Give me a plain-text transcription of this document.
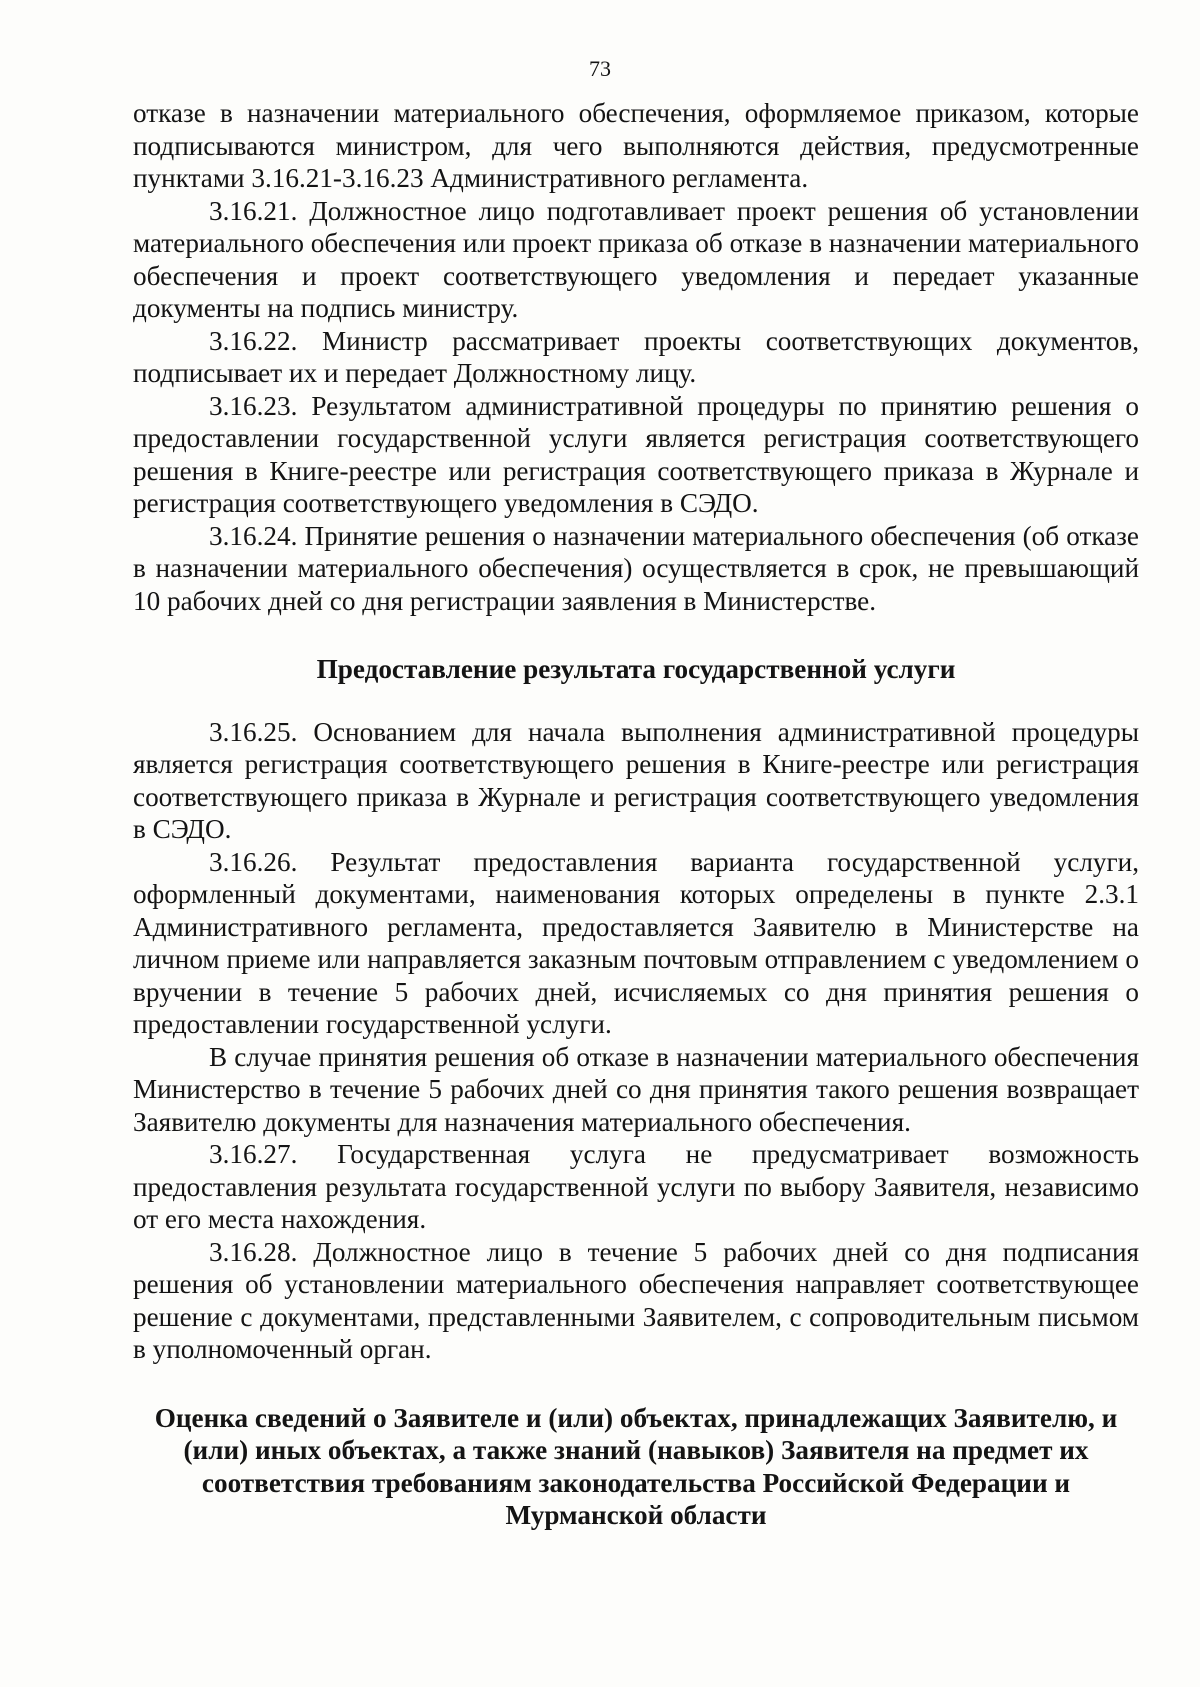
73

отказе в назначении материального обеспечения, оформляемое приказом, которые подписываются министром, для чего выполняются действия, предусмотренные пунктами 3.16.21-3.16.23 Административного регламента.

3.16.21. Должностное лицо подготавливает проект решения об установлении материального обеспечения или проект приказа об отказе в назначении материального обеспечения и проект соответствующего уведомления и передает указанные документы на подпись министру.

3.16.22. Министр рассматривает проекты соответствующих документов, подписывает их и передает Должностному лицу.

3.16.23. Результатом административной процедуры по принятию решения о предоставлении государственной услуги является регистрация соответствующего решения в Книге-реестре или регистрация соответствующего приказа в Журнале и регистрация соответствующего уведомления в СЭДО.

3.16.24. Принятие решения о назначении материального обеспечения (об отказе в назначении материального обеспечения) осуществляется в срок, не превышающий 10 рабочих дней со дня регистрации заявления в Министерстве.

Предоставление результата государственной услуги

3.16.25. Основанием для начала выполнения административной процедуры является регистрация соответствующего решения в Книге-реестре или регистрация соответствующего приказа в Журнале и регистрация соответствующего уведомления в СЭДО.

3.16.26. Результат предоставления варианта государственной услуги, оформленный документами, наименования которых определены в пункте 2.3.1 Административного регламента, предоставляется Заявителю в Министерстве на личном приеме или направляется заказным почтовым отправлением с уведомлением о вручении в течение 5 рабочих дней, исчисляемых со дня принятия решения о предоставлении государственной услуги.

В случае принятия решения об отказе в назначении материального обеспечения Министерство в течение 5 рабочих дней со дня принятия такого решения возвращает Заявителю документы для назначения материального обеспечения.

3.16.27. Государственная услуга не предусматривает возможность предоставления результата государственной услуги по выбору Заявителя, независимо от его места нахождения.

3.16.28. Должностное лицо в течение 5 рабочих дней со дня подписания решения об установлении материального обеспечения направляет соответствующее решение с документами, представленными Заявителем, с сопроводительным письмом в уполномоченный орган.

Оценка сведений о Заявителе и (или) объектах, принадлежащих Заявителю, и (или) иных объектах, а также знаний (навыков) Заявителя на предмет их соответствия требованиям законодательства Российской Федерации и Мурманской области
